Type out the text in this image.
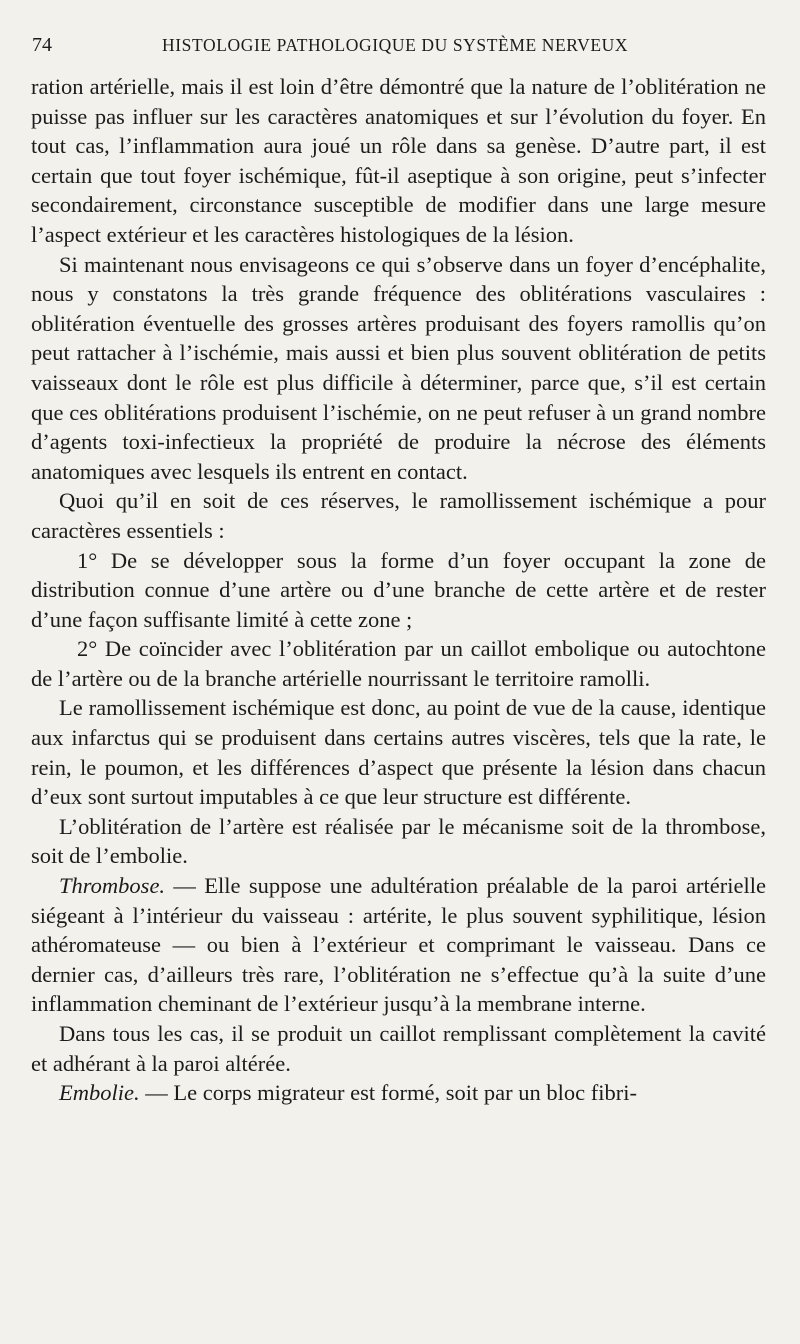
74	HISTOLOGIE PATHOLOGIQUE DU SYSTÈME NERVEUX

ration artérielle, mais il est loin d’être démontré que la nature de l’oblitération ne puisse pas influer sur les caractères anatomiques et sur l’évolution du foyer. En tout cas, l’inflammation aura joué un rôle dans sa genèse. D’autre part, il est certain que tout foyer ischémique, fût-il aseptique à son origine, peut s’infecter secondairement, circonstance susceptible de modifier dans une large mesure l’aspect extérieur et les caractères histologiques de la lésion.

Si maintenant nous envisageons ce qui s’observe dans un foyer d’encéphalite, nous y constatons la très grande fréquence des oblitérations vasculaires : oblitération éventuelle des grosses artères produisant des foyers ramollis qu’on peut rattacher à l’ischémie, mais aussi et bien plus souvent oblitération de petits vaisseaux dont le rôle est plus difficile à déterminer, parce que, s’il est certain que ces oblitérations produisent l’ischémie, on ne peut refuser à un grand nombre d’agents toxi-infectieux la propriété de produire la nécrose des éléments anatomiques avec lesquels ils entrent en contact.

Quoi qu’il en soit de ces réserves, le ramollissement ischémique a pour caractères essentiels :

1° De se développer sous la forme d’un foyer occupant la zone de distribution connue d’une artère ou d’une branche de cette artère et de rester d’une façon suffisante limité à cette zone ;

2° De coïncider avec l’oblitération par un caillot embolique ou autochtone de l’artère ou de la branche artérielle nourrissant le territoire ramolli.

Le ramollissement ischémique est donc, au point de vue de la cause, identique aux infarctus qui se produisent dans certains autres viscères, tels que la rate, le rein, le poumon, et les différences d’aspect que présente la lésion dans chacun d’eux sont surtout imputables à ce que leur structure est différente.

L’oblitération de l’artère est réalisée par le mécanisme soit de la thrombose, soit de l’embolie.

Thrombose. — Elle suppose une adultération préalable de la paroi artérielle siégeant à l’intérieur du vaisseau : artérite, le plus souvent syphilitique, lésion athéromateuse — ou bien à l’extérieur et comprimant le vaisseau. Dans ce dernier cas, d’ailleurs très rare, l’oblitération ne s’effectue qu’à la suite d’une inflammation cheminant de l’extérieur jusqu’à la membrane interne.

Dans tous les cas, il se produit un caillot remplissant complètement la cavité et adhérant à la paroi altérée.

Embolie. — Le corps migrateur est formé, soit par un bloc fibri-
